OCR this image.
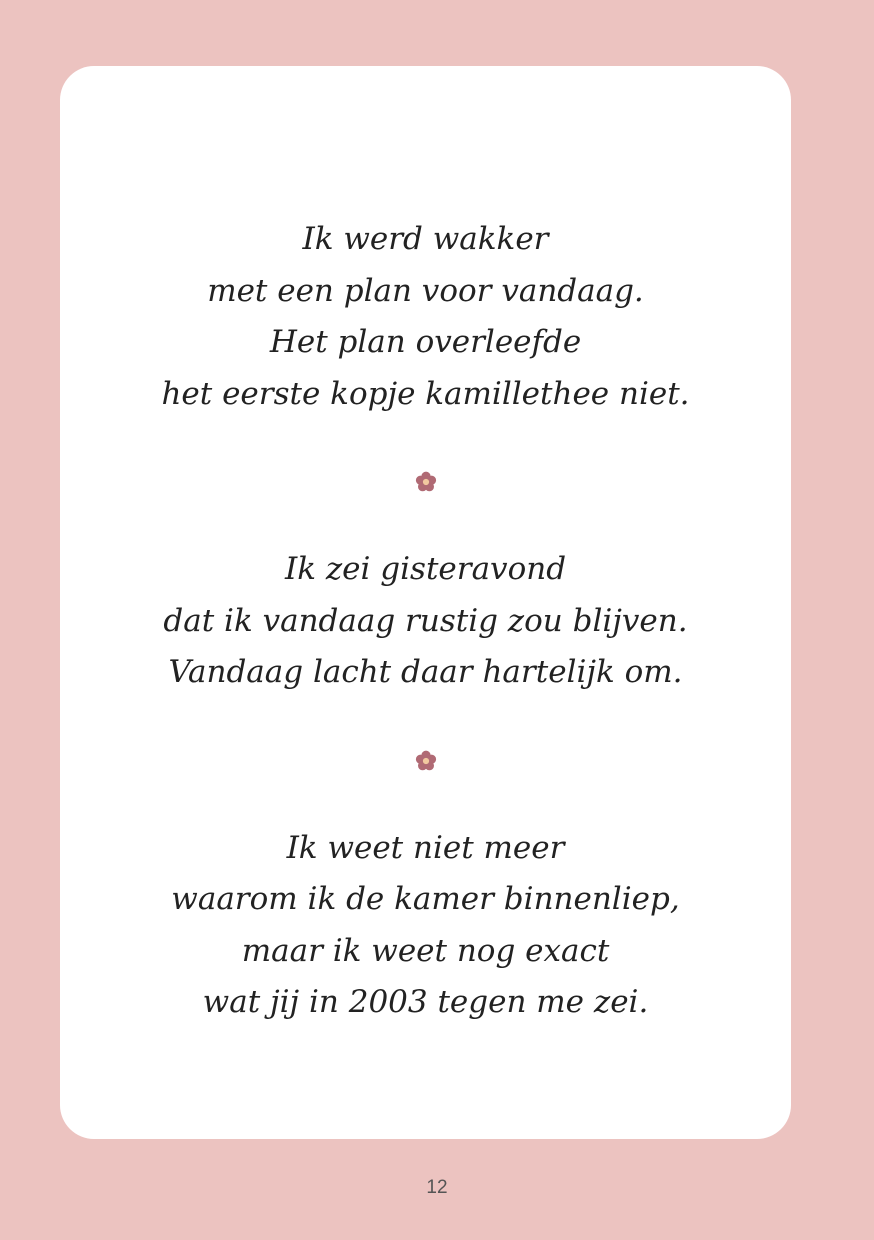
Ik werd wakker
met een plan voor vandaag.
Het plan overleefde
het eerste kopje kamillethee niet.

Ik zei gisteravond
dat ik vandaag rustig zou blijven.
Vandaag lacht daar hartelijk om.

Ik weet niet meer
waarom ik de kamer binnenliep,
maar ik weet nog exact
wat jij in 2003 tegen me zei.

12
